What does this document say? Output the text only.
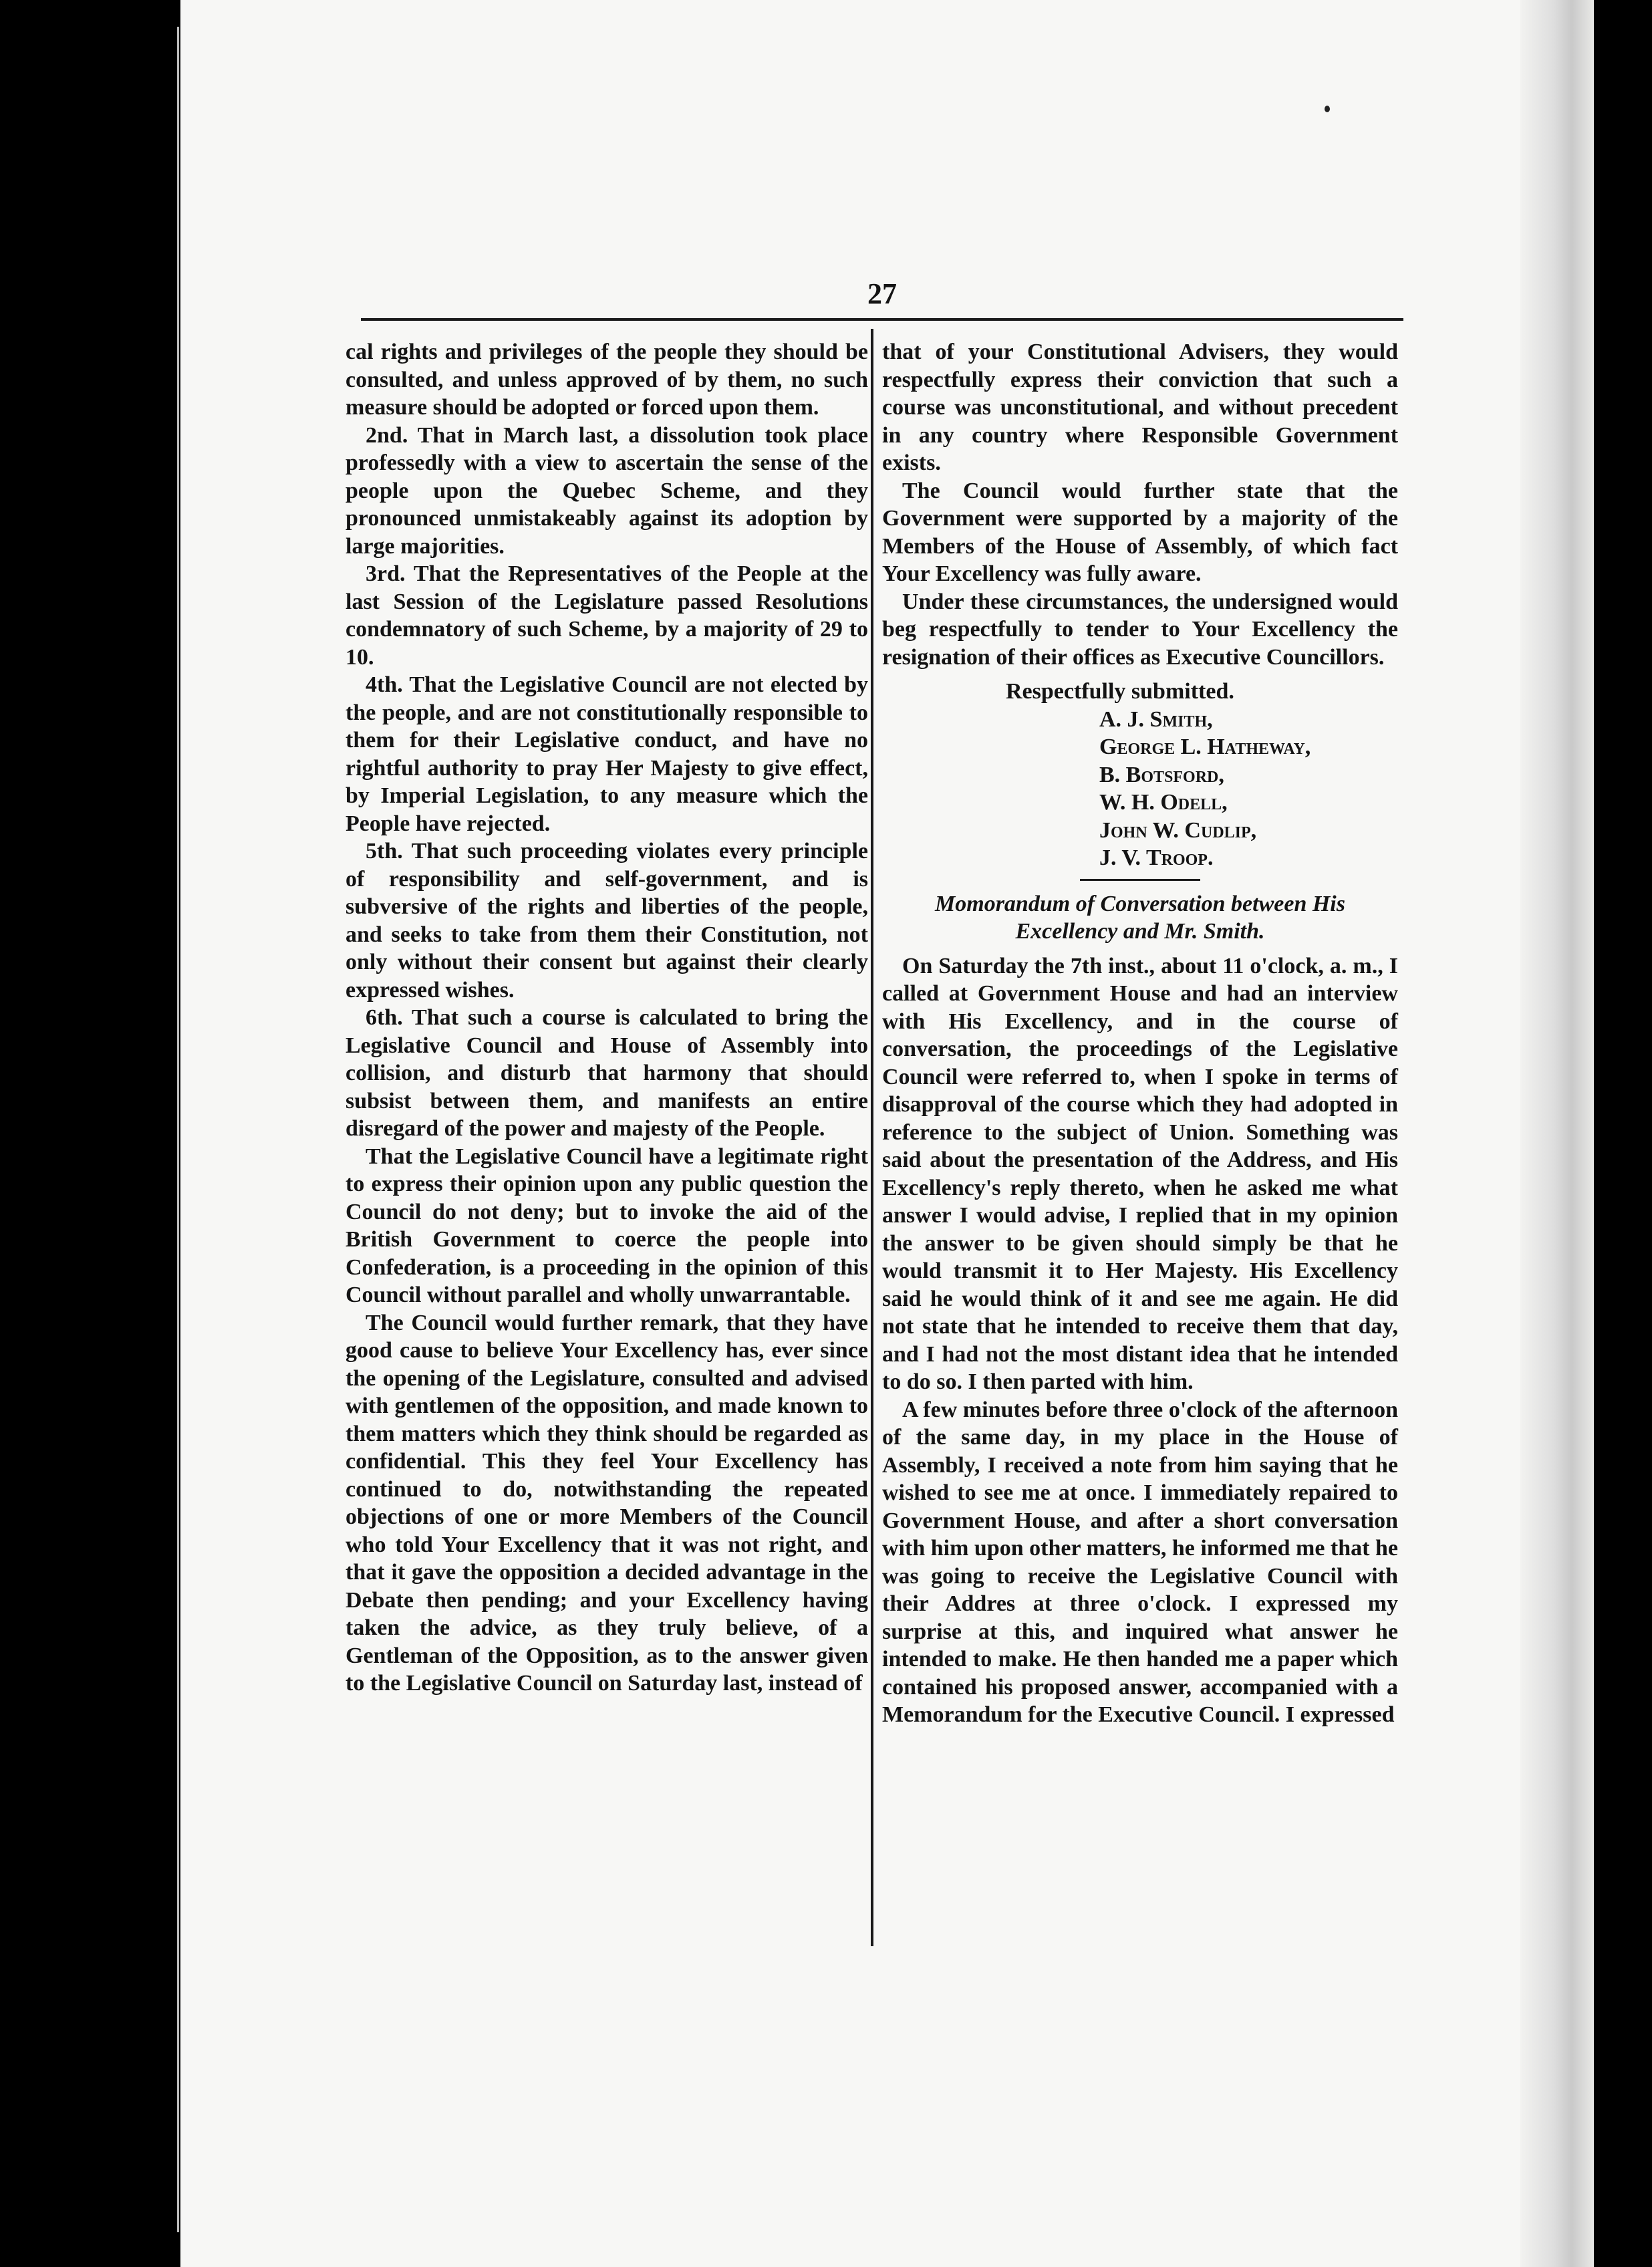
27

cal rights and privileges of the people they should be consulted, and unless approved of by them, no such measure should be adopted or forced upon them.

2nd. That in March last, a dissolution took place professedly with a view to ascertain the sense of the people upon the Quebec Scheme, and they pronounced unmistakeably against its adoption by large majorities.

3rd. That the Representatives of the People at the last Session of the Legislature passed Resolutions condemnatory of such Scheme, by a majority of 29 to 10.

4th. That the Legislative Council are not elected by the people, and are not constitutionally responsible to them for their Legislative conduct, and have no rightful authority to pray Her Majesty to give effect, by Imperial Legislation, to any measure which the People have rejected.

5th. That such proceeding violates every principle of responsibility and self-government, and is subversive of the rights and liberties of the people, and seeks to take from them their Constitution, not only without their consent but against their clearly expressed wishes.

6th. That such a course is calculated to bring the Legislative Council and House of Assembly into collision, and disturb that harmony that should subsist between them, and manifests an entire disregard of the power and majesty of the People.

That the Legislative Council have a legitimate right to express their opinion upon any public question the Council do not deny; but to invoke the aid of the British Government to coerce the people into Confederation, is a proceeding in the opinion of this Council without parallel and wholly unwarrantable.

The Council would further remark, that they have good cause to believe Your Excellency has, ever since the opening of the Legislature, consulted and advised with gentlemen of the opposition, and made known to them matters which they think should be regarded as confidential. This they feel Your Excellency has continued to do, notwithstanding the repeated objections of one or more Members of the Council who told Your Excellency that it was not right, and that it gave the opposition a decided advantage in the Debate then pending; and your Excellency having taken the advice, as they truly believe, of a Gentleman of the Opposition, as to the answer given to the Legislative Council on Saturday last, instead of

that of your Constitutional Advisers, they would respectfully express their conviction that such a course was unconstitutional, and without precedent in any country where Responsible Government exists.

The Council would further state that the Government were supported by a majority of the Members of the House of Assembly, of which fact Your Excellency was fully aware.

Under these circumstances, the undersigned would beg respectfully to tender to Your Excellency the resignation of their offices as Executive Councillors.

Respectfully submitted.

A. J. Smith,
George L. Hatheway,
B. Botsford,
W. H. Odell,
John W. Cudlip,
J. V. Troop.

Momorandum of Conversation between His Excellency and Mr. Smith.

On Saturday the 7th inst., about 11 o'clock, a. m., I called at Government House and had an interview with His Excellency, and in the course of conversation, the proceedings of the Legislative Council were referred to, when I spoke in terms of disapproval of the course which they had adopted in reference to the subject of Union. Something was said about the presentation of the Address, and His Excellency's reply thereto, when he asked me what answer I would advise, I replied that in my opinion the answer to be given should simply be that he would transmit it to Her Majesty. His Excellency said he would think of it and see me again. He did not state that he intended to receive them that day, and I had not the most distant idea that he intended to do so. I then parted with him.

A few minutes before three o'clock of the afternoon of the same day, in my place in the House of Assembly, I received a note from him saying that he wished to see me at once. I immediately repaired to Government House, and after a short conversation with him upon other matters, he informed me that he was going to receive the Legislative Council with their Addres at three o'clock. I expressed my surprise at this, and inquired what answer he intended to make. He then handed me a paper which contained his proposed answer, accompanied with a Memorandum for the Executive Council. I expressed
